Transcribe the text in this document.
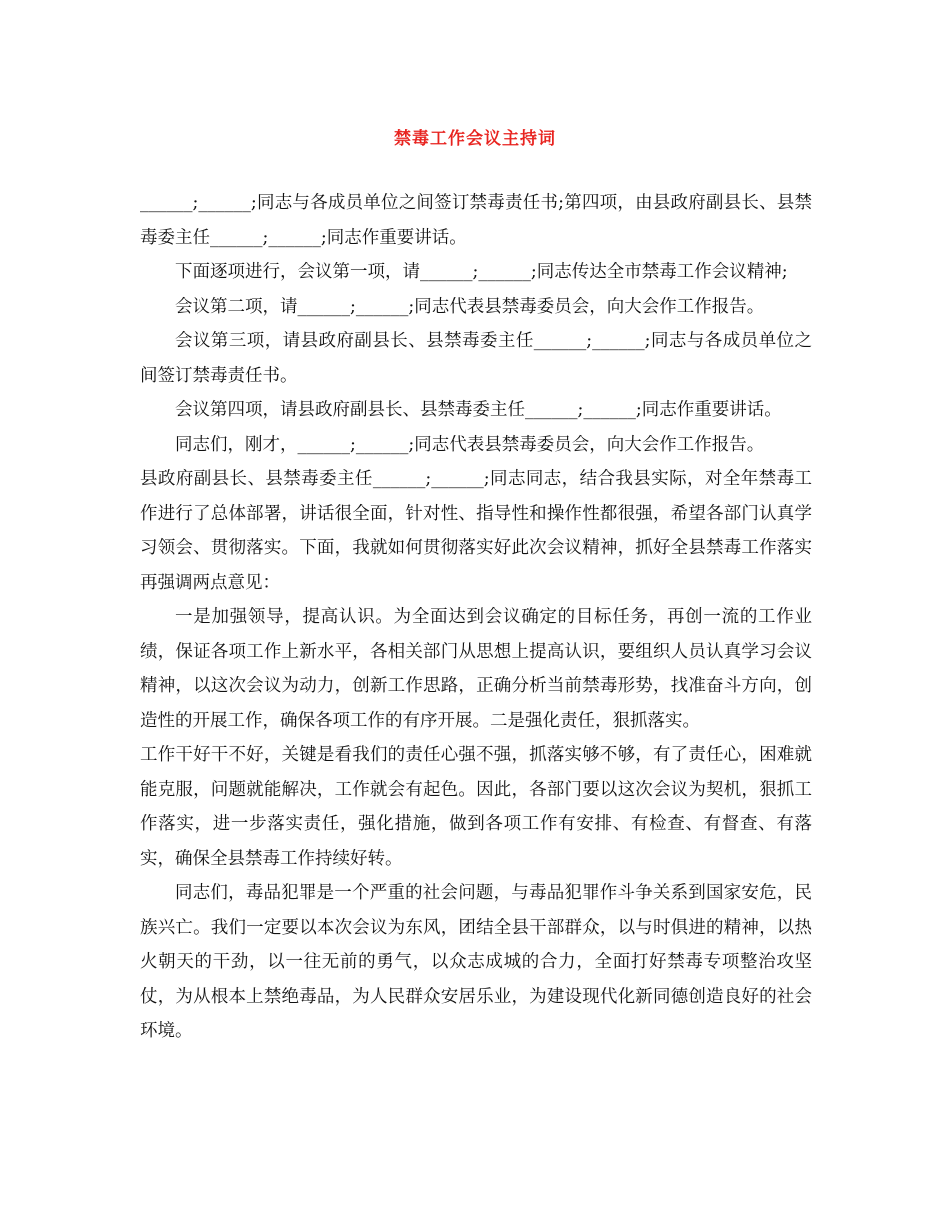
禁毒工作会议主持词

______;______;同志与各成员单位之间签订禁毒责任书;第四项，由县政府副县长、县禁毒委主任______;______;同志作重要讲话。

下面逐项进行，会议第一项，请______;______;同志传达全市禁毒工作会议精神;

会议第二项，请______;______;同志代表县禁毒委员会，向大会作工作报告。

会议第三项，请县政府副县长、县禁毒委主任______;______;同志与各成员单位之间签订禁毒责任书。

会议第四项，请县政府副县长、县禁毒委主任______;______;同志作重要讲话。

同志们，刚才，______;______;同志代表县禁毒委员会，向大会作工作报告。

县政府副县长、县禁毒委主任______;______;同志同志，结合我县实际，对全年禁毒工作进行了总体部署，讲话很全面，针对性、指导性和操作性都很强，希望各部门认真学习领会、贯彻落实。下面，我就如何贯彻落实好此次会议精神，抓好全县禁毒工作落实再强调两点意见：

一是加强领导，提高认识。为全面达到会议确定的目标任务，再创一流的工作业绩，保证各项工作上新水平，各相关部门从思想上提高认识，要组织人员认真学习会议精神，以这次会议为动力，创新工作思路，正确分析当前禁毒形势，找准奋斗方向，创造性的开展工作，确保各项工作的有序开展。二是强化责任，狠抓落实。

工作干好干不好，关键是看我们的责任心强不强，抓落实够不够，有了责任心，困难就能克服，问题就能解决，工作就会有起色。因此，各部门要以这次会议为契机，狠抓工作落实，进一步落实责任，强化措施，做到各项工作有安排、有检查、有督查、有落实，确保全县禁毒工作持续好转。

同志们，毒品犯罪是一个严重的社会问题，与毒品犯罪作斗争关系到国家安危，民族兴亡。我们一定要以本次会议为东风，团结全县干部群众，以与时俱进的精神，以热火朝天的干劲，以一往无前的勇气，以众志成城的合力，全面打好禁毒专项整治攻坚仗，为从根本上禁绝毒品，为人民群众安居乐业，为建设现代化新同德创造良好的社会环境。
